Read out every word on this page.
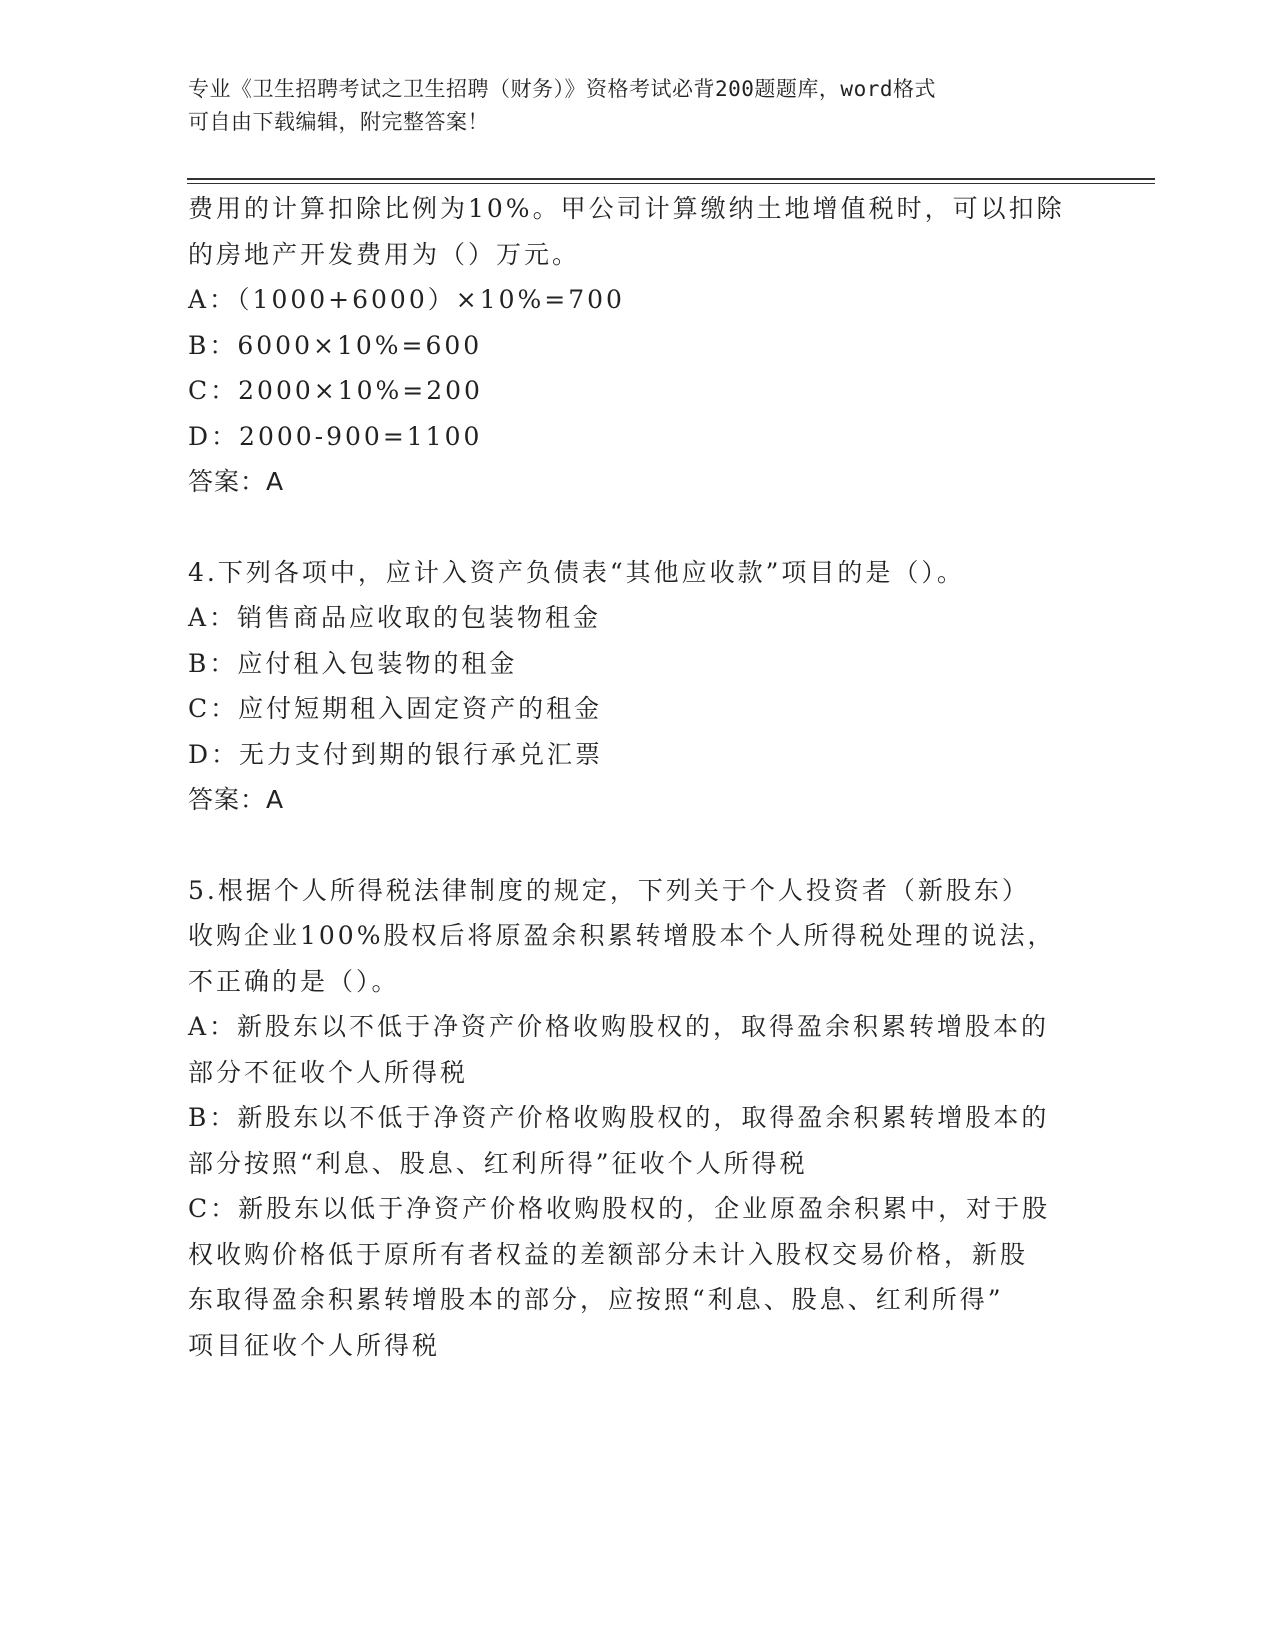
专业《卫生招聘考试之卫生招聘（财务）》资格考试必背200题题库，word格式
可自由下载编辑，附完整答案！
费用的计算扣除比例为10%。甲公司计算缴纳土地增值税时，可以扣除
的房地产开发费用为（）万元。
A：（1000+6000）×10%=700
B：6000×10%=600
C：2000×10%=200
D：2000-900=1100
答案：A
4.下列各项中，应计入资产负债表“其他应收款”项目的是（）。
A：销售商品应收取的包装物租金
B：应付租入包装物的租金
C：应付短期租入固定资产的租金
D：无力支付到期的银行承兑汇票
答案：A
5.根据个人所得税法律制度的规定，下列关于个人投资者（新股东）
收购企业100%股权后将原盈余积累转增股本个人所得税处理的说法，
不正确的是（）。
A：新股东以不低于净资产价格收购股权的，取得盈余积累转增股本的
部分不征收个人所得税
B：新股东以不低于净资产价格收购股权的，取得盈余积累转增股本的
部分按照“利息、股息、红利所得”征收个人所得税
C：新股东以低于净资产价格收购股权的，企业原盈余积累中，对于股
权收购价格低于原所有者权益的差额部分未计入股权交易价格，新股
东取得盈余积累转增股本的部分，应按照“利息、股息、红利所得”
项目征收个人所得税
